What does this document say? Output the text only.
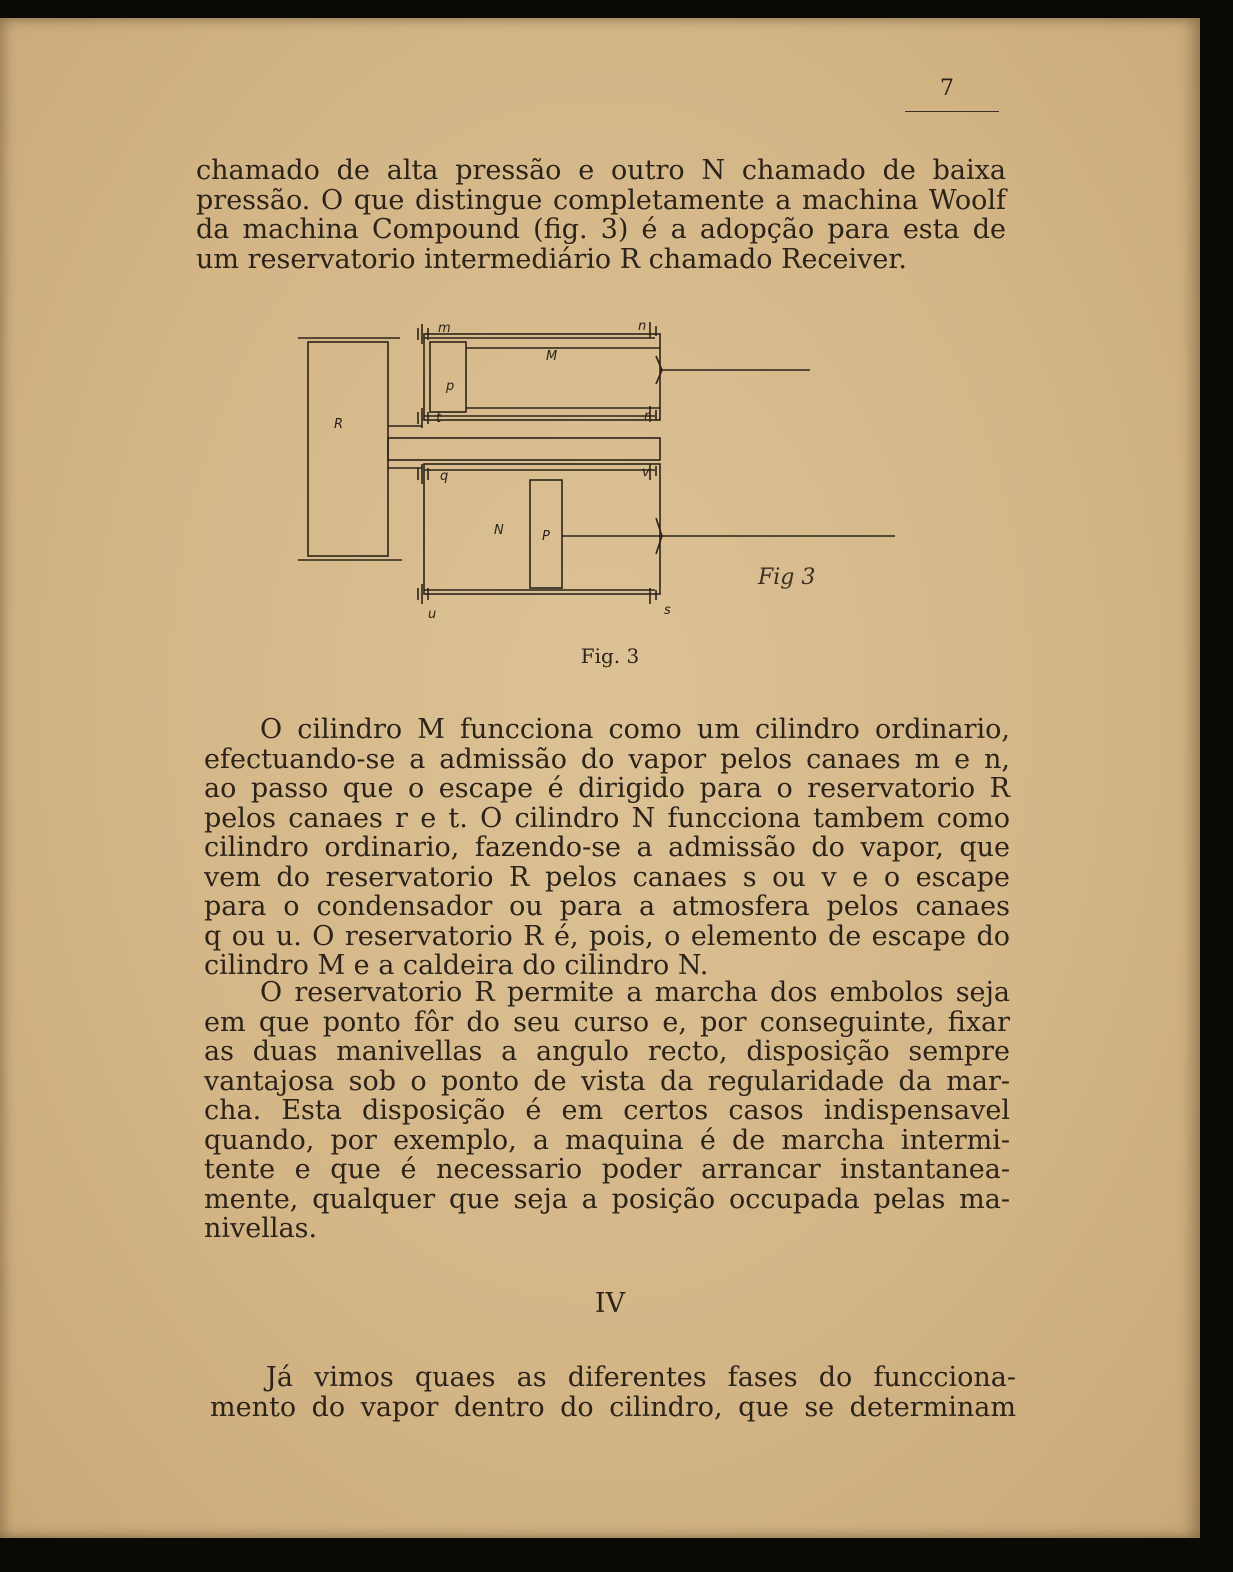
7
chamado de alta pressão e outro N chamado de baixa
pressão. O que distingue completamente a machina Woolf
da machina Compound (fig. 3) é a adopção para esta de
um reservatorio intermediário R chamado Receiver.
R
M
p
m	n
t	r
q	v
N	P
u	s
Fig 3
Fig. 3
O cilindro M funcciona como um cilindro ordinario,
efectuando-se a admissão do vapor pelos canaes m e n,
ao passo que o escape é dirigido para o reservatorio R
pelos canaes r e t. O cilindro N funcciona tambem como
cilindro ordinario, fazendo-se a admissão do vapor, que
vem do reservatorio R pelos canaes s ou v e o escape
para o condensador ou para a atmosfera pelos canaes
q ou u. O reservatorio R é, pois, o elemento de escape do
cilindro M e a caldeira do cilindro N.
O reservatorio R permite a marcha dos embolos seja
em que ponto fôr do seu curso e, por conseguinte, fixar
as duas manivellas a angulo recto, disposição sempre
vantajosa sob o ponto de vista da regularidade da mar-
cha. Esta disposição é em certos casos indispensavel
quando, por exemplo, a maquina é de marcha intermi-
tente e que é necessario poder arrancar instantanea-
mente, qualquer que seja a posição occupada pelas ma-
nivellas.
IV
Já vimos quaes as diferentes fases do funcciona-
mento do vapor dentro do cilindro, que se determinam
